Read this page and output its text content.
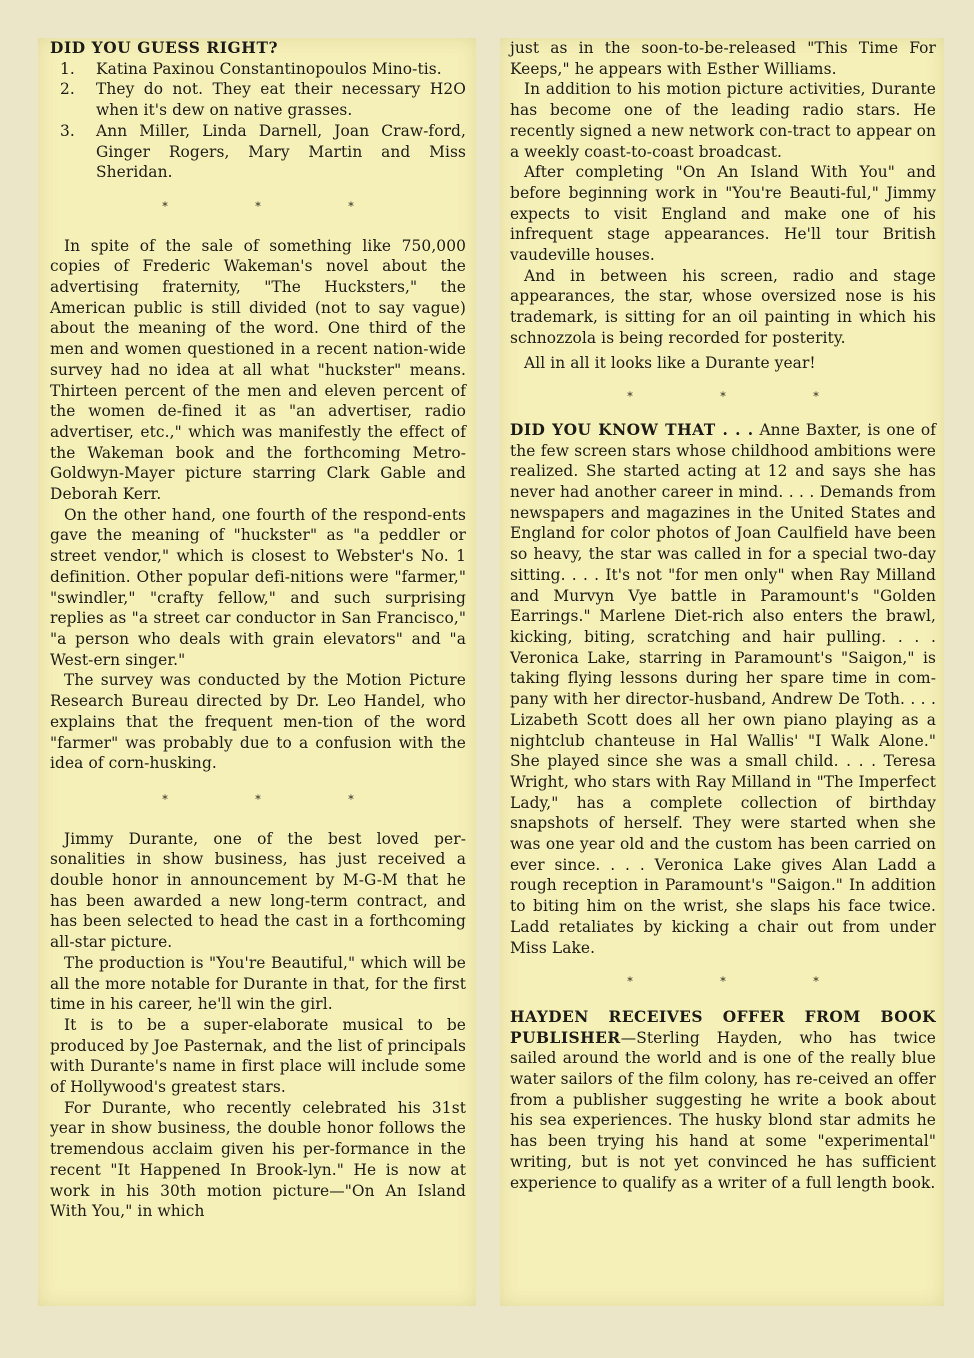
DID YOU GUESS RIGHT?
1.	Katina Paxinou Constantinopoulos Mino-tis.
2.	They do not. They eat their necessary H2O when it's dew on native grasses.
3.	Ann Miller, Linda Darnell, Joan Craw-ford, Ginger Rogers, Mary Martin and Miss Sheridan.
* * *

In spite of the sale of something like 750,000 copies of Frederic Wakeman's novel about the advertising fraternity, "The Hucksters," the American public is still divided (not to say vague) about the meaning of the word. One third of the men and women questioned in a recent nation-wide survey had no idea at all what "huckster" means. Thirteen percent of the men and eleven percent of the women de-fined it as "an advertiser, radio advertiser, etc.," which was manifestly the effect of the Wakeman book and the forthcoming Metro-Goldwyn-Mayer picture starring Clark Gable and Deborah Kerr.

On the other hand, one fourth of the respond-ents gave the meaning of "huckster" as "a peddler or street vendor," which is closest to Webster's No. 1 definition. Other popular defi-nitions were "farmer," "swindler," "crafty fellow," and such surprising replies as "a street car conductor in San Francisco," "a person who deals with grain elevators" and "a West-ern singer."

The survey was conducted by the Motion Picture Research Bureau directed by Dr. Leo Handel, who explains that the frequent men-tion of the word "farmer" was probably due to a confusion with the idea of corn-husking.

* * *

Jimmy Durante, one of the best loved per-sonalities in show business, has just received a double honor in announcement by M-G-M that he has been awarded a new long-term contract, and has been selected to head the cast in a forthcoming all-star picture.

The production is "You're Beautiful," which will be all the more notable for Durante in that, for the first time in his career, he'll win the girl.

It is to be a super-elaborate musical to be produced by Joe Pasternak, and the list of principals with Durante's name in first place will include some of Hollywood's greatest stars.

For Durante, who recently celebrated his 31st year in show business, the double honor follows the tremendous acclaim given his per-formance in the recent "It Happened In Brook-lyn." He is now at work in his 30th motion picture—"On An Island With You," in which

just as in the soon-to-be-released "This Time For Keeps," he appears with Esther Williams.

In addition to his motion picture activities, Durante has become one of the leading radio stars. He recently signed a new network con-tract to appear on a weekly coast-to-coast broadcast.

After completing "On An Island With You" and before beginning work in "You're Beauti-ful," Jimmy expects to visit England and make one of his infrequent stage appearances. He'll tour British vaudeville houses.

And in between his screen, radio and stage appearances, the star, whose oversized nose is his trademark, is sitting for an oil painting in which his schnozzola is being recorded for posterity.

All in all it looks like a Durante year!

* * *

DID YOU KNOW THAT . . . Anne Baxter, is one of the few screen stars whose childhood ambitions were realized. She started acting at 12 and says she has never had another career in mind. . . . Demands from newspapers and magazines in the United States and England for color photos of Joan Caulfield have been so heavy, the star was called in for a special two-day sitting. . . . It's not "for men only" when Ray Milland and Murvyn Vye battle in Paramount's "Golden Earrings." Marlene Diet-rich also enters the brawl, kicking, biting, scratching and hair pulling. . . . Veronica Lake, starring in Paramount's "Saigon," is taking flying lessons during her spare time in com-pany with her director-husband, Andrew De Toth. . . . Lizabeth Scott does all her own piano playing as a nightclub chanteuse in Hal Wallis' "I Walk Alone." She played since she was a small child. . . . Teresa Wright, who stars with Ray Milland in "The Imperfect Lady," has a complete collection of birthday snapshots of herself. They were started when she was one year old and the custom has been carried on ever since. . . . Veronica Lake gives Alan Ladd a rough reception in Paramount's "Saigon." In addition to biting him on the wrist, she slaps his face twice. Ladd retaliates by kicking a chair out from under Miss Lake.

* * *

HAYDEN RECEIVES OFFER FROM BOOK PUBLISHER—Sterling Hayden, who has twice sailed around the world and is one of the really blue water sailors of the film colony, has re-ceived an offer from a publisher suggesting he write a book about his sea experiences. The husky blond star admits he has been trying his hand at some "experimental" writing, but is not yet convinced he has sufficient experience to qualify as a writer of a full length book.
